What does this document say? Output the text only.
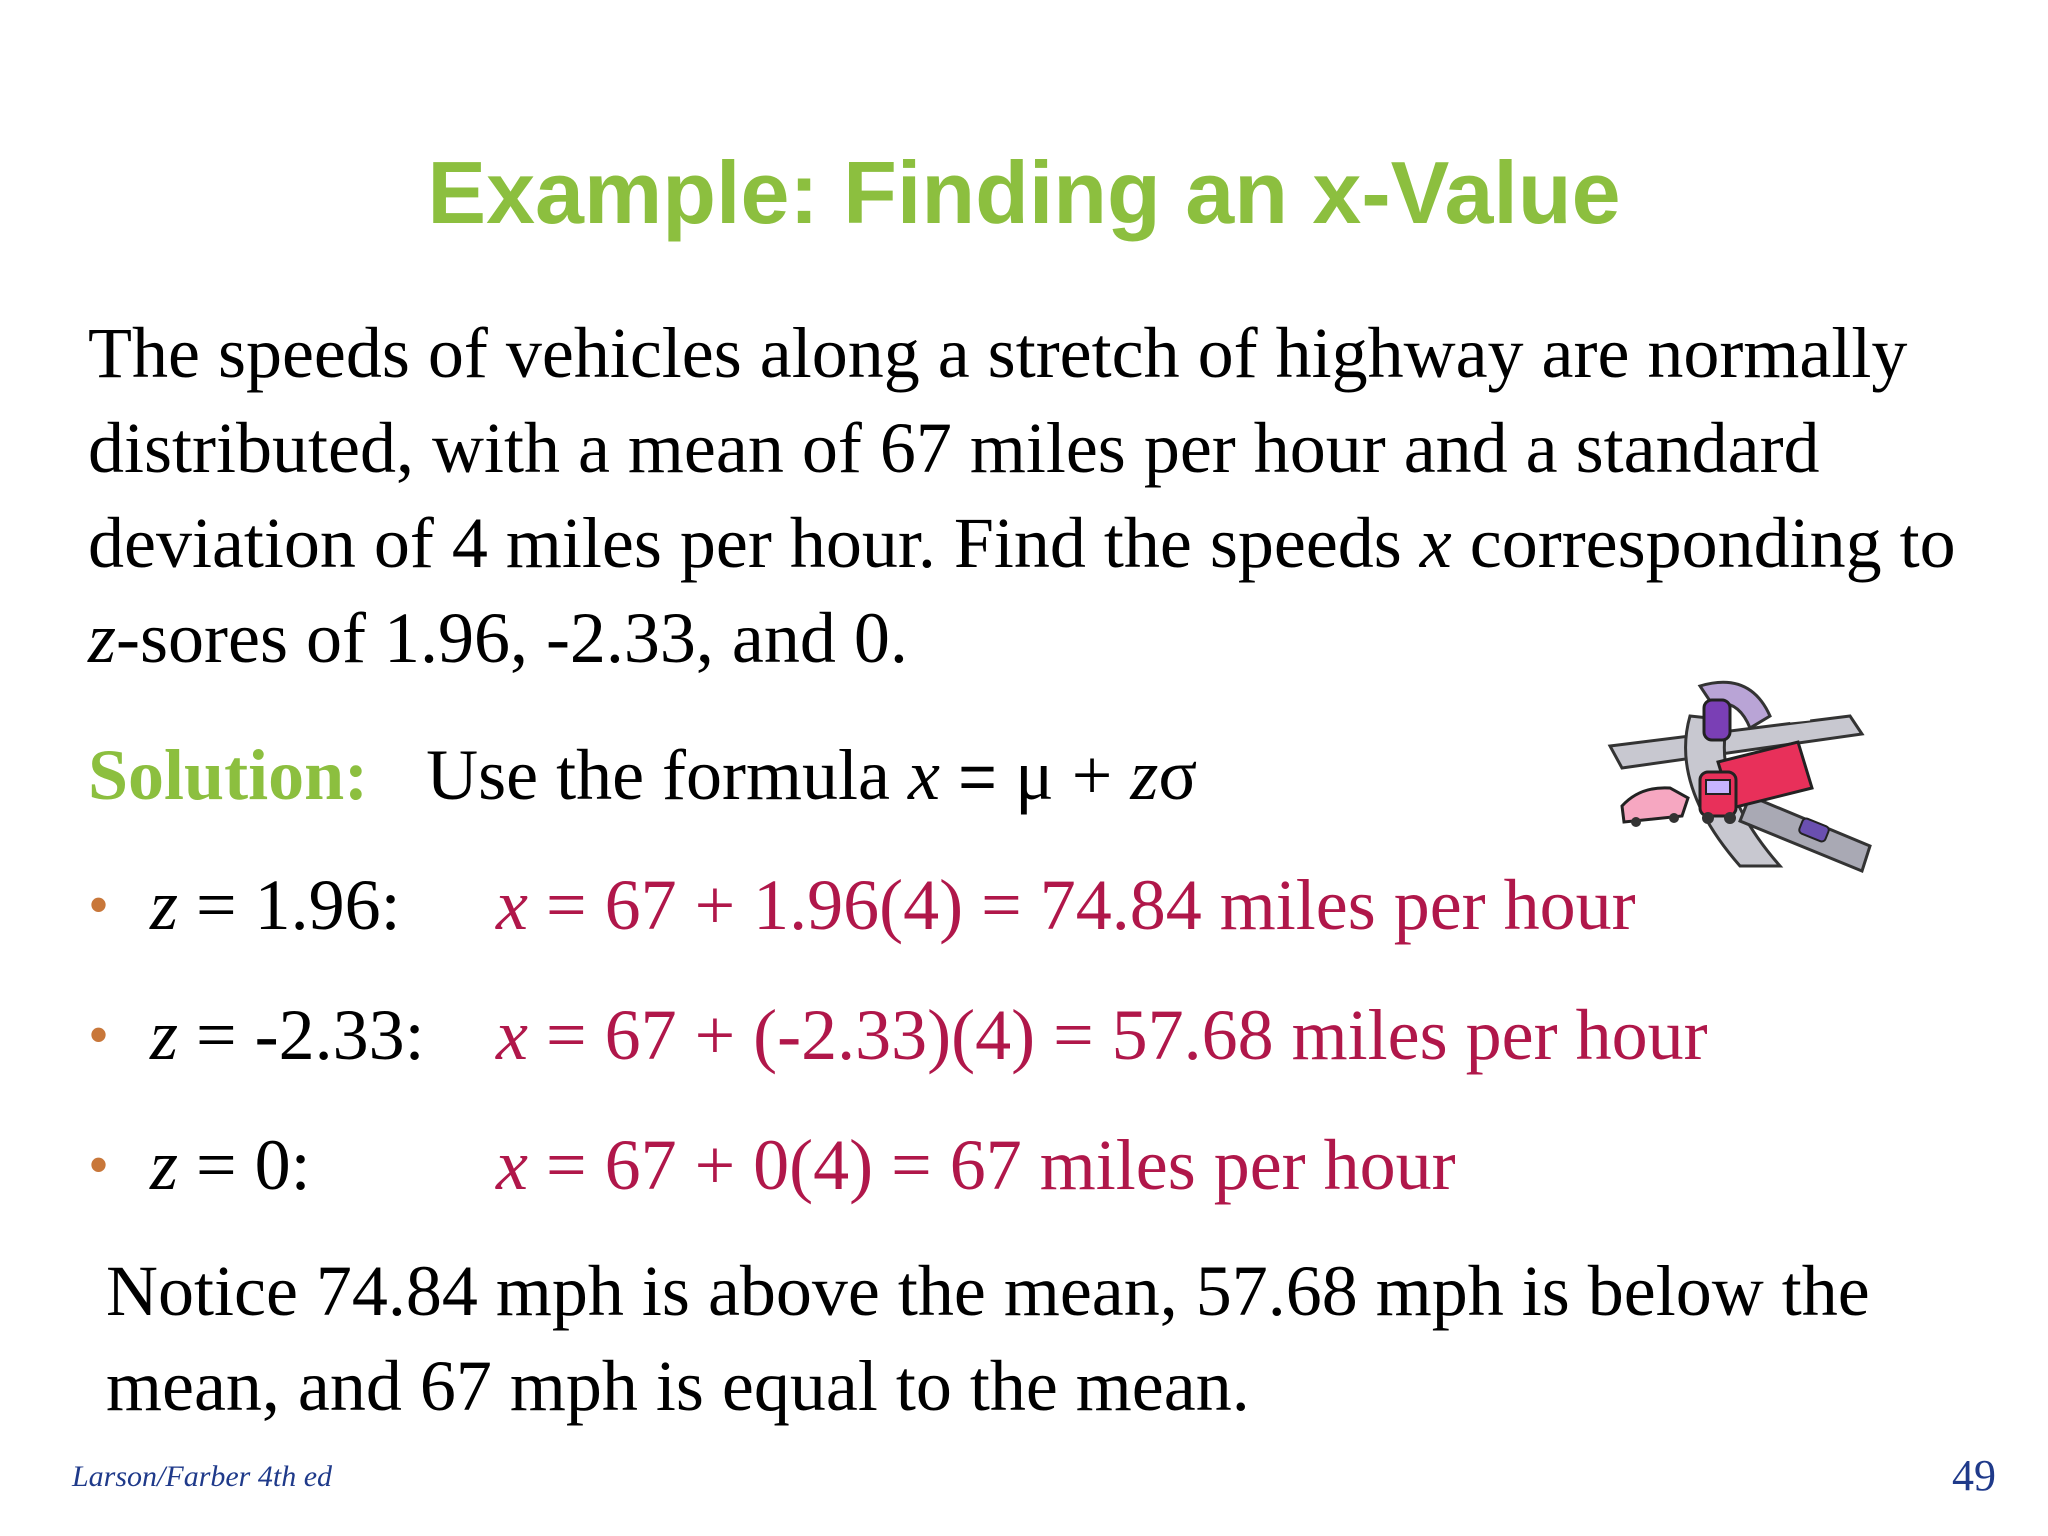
Example: Finding an x-Value
The speeds of vehicles along a stretch of highway are normally distributed, with a mean of 67 miles per hour and a standard deviation of 4 miles per hour. Find the speeds x corresponding to z-sores of 1.96, -2.33, and 0.
Solution: Use the formula x = μ + zσ
• z = 1.96: x = 67 + 1.96(4) = 74.84 miles per hour
• z = -2.33: x = 67 + (-2.33)(4) = 57.68 miles per hour
• z = 0:	x = 67 + 0(4) = 67 miles per hour
Notice 74.84 mph is above the mean, 57.68 mph is below the mean, and 67 mph is equal to the mean.
Larson/Farber 4th ed	49
